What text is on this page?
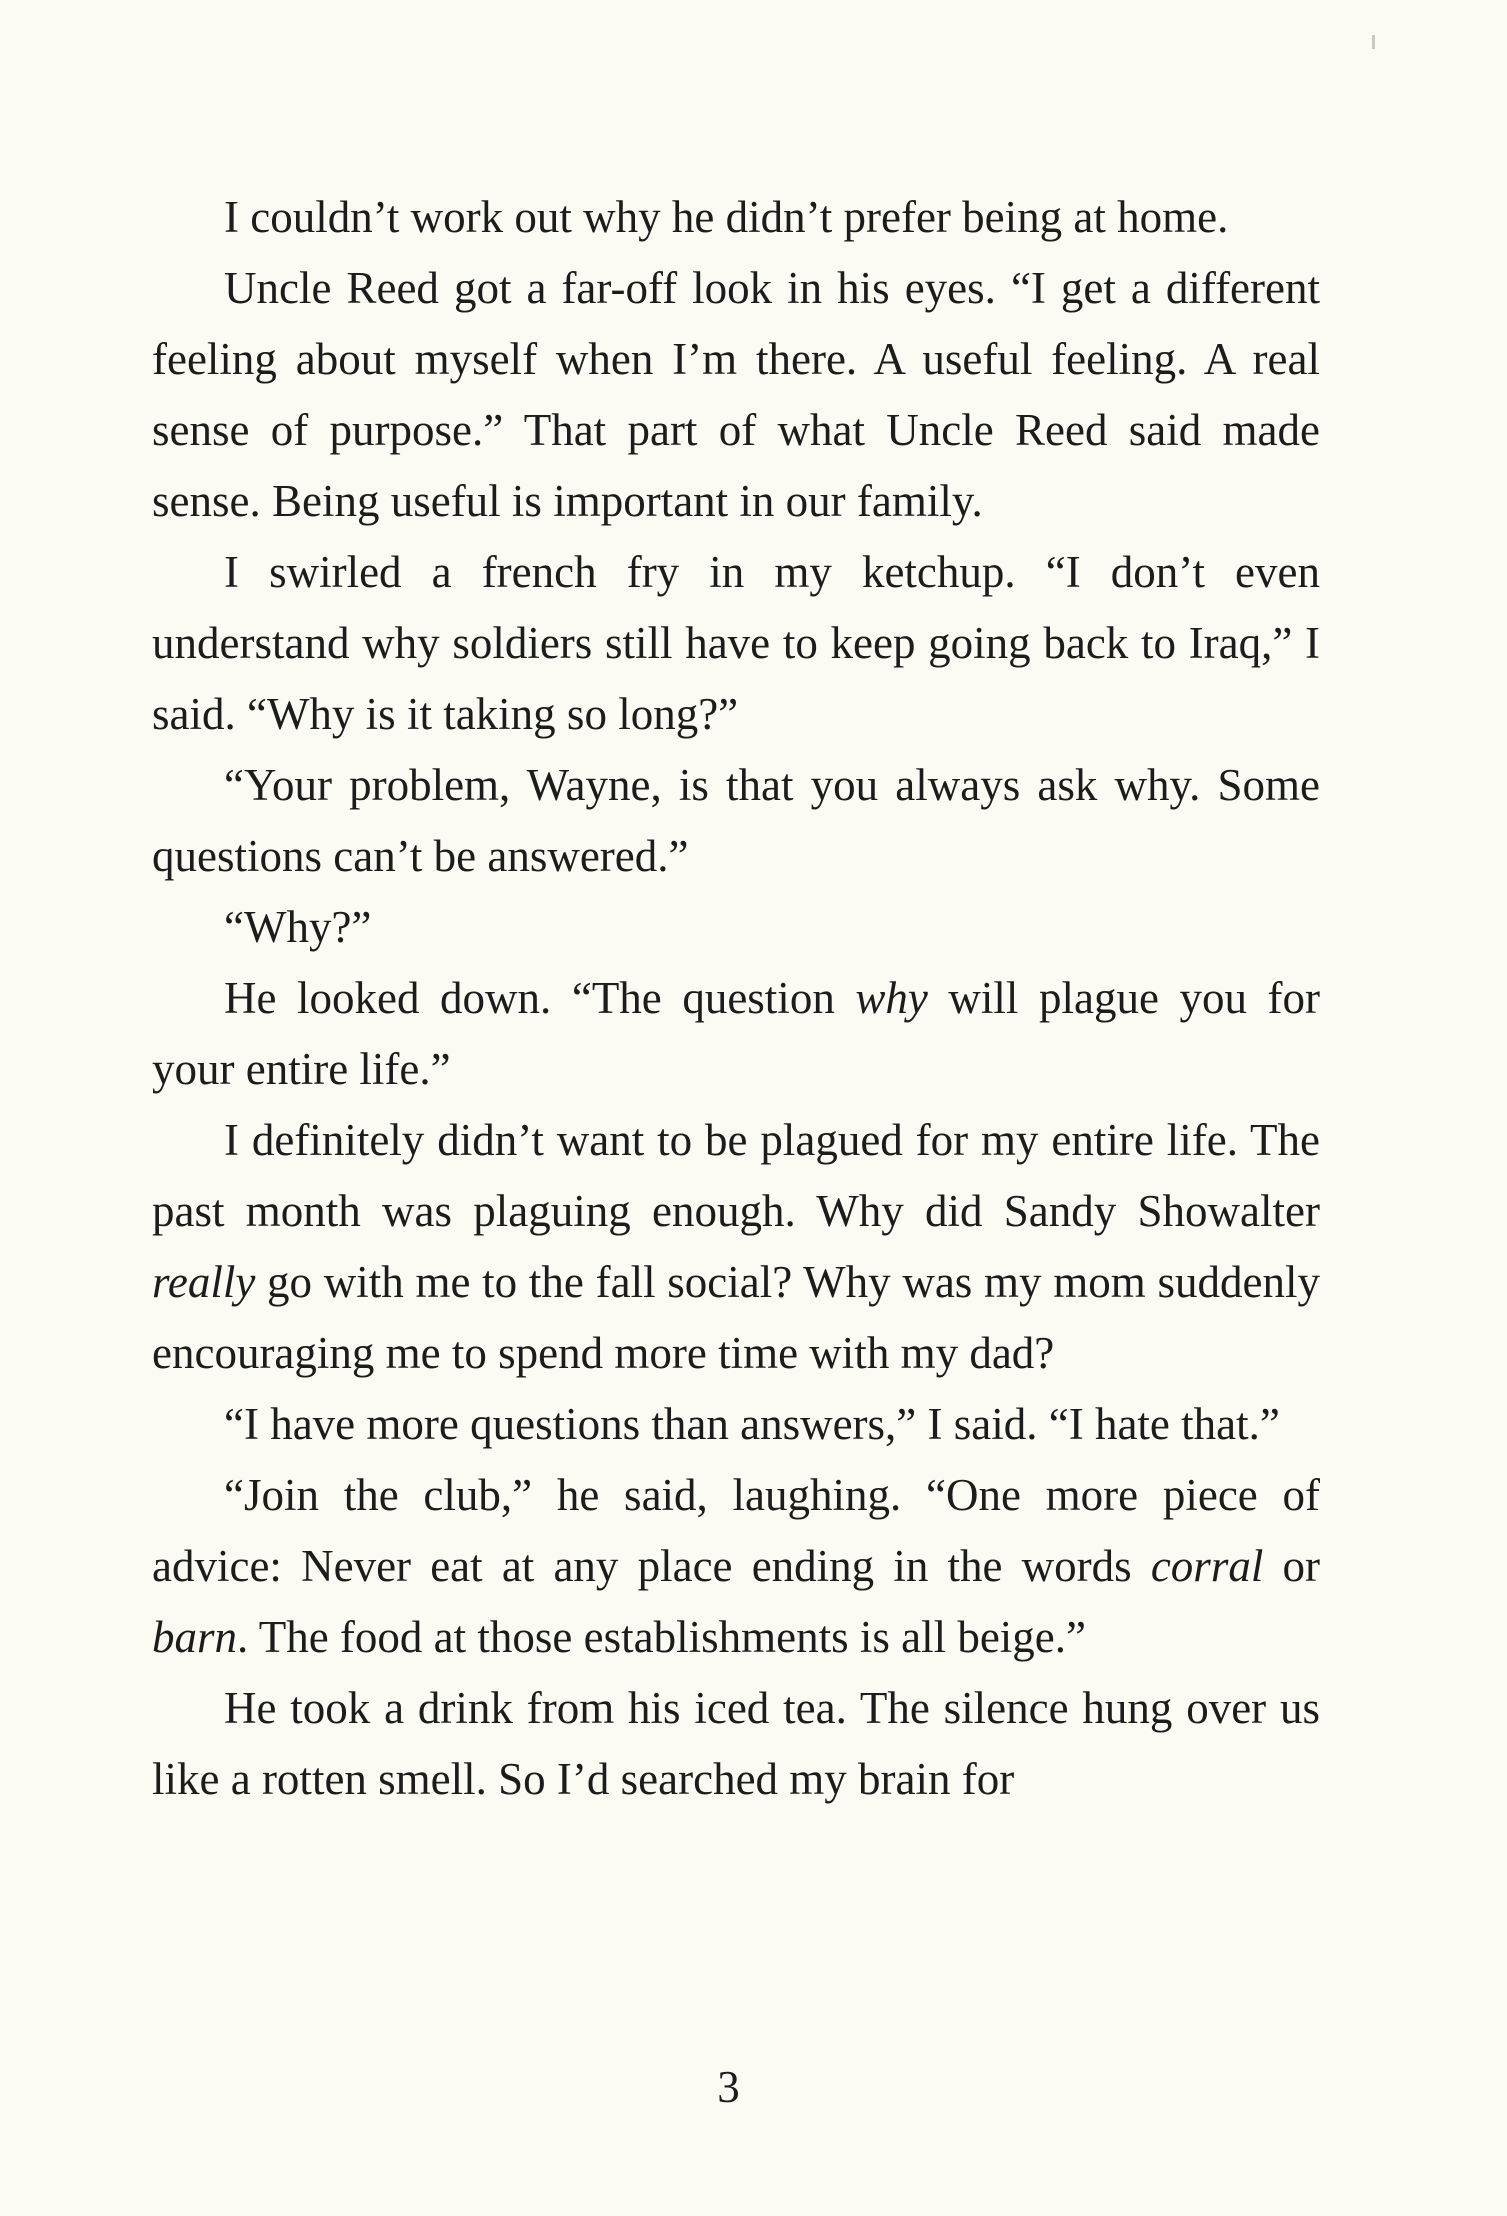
I couldn’t work out why he didn’t prefer being at home.

Uncle Reed got a far-off look in his eyes. “I get a different feeling about myself when I’m there. A useful feeling. A real sense of purpose.” That part of what Uncle Reed said made sense. Being useful is important in our family.

I swirled a french fry in my ketchup. “I don’t even understand why soldiers still have to keep going back to Iraq,” I said. “Why is it taking so long?”

“Your problem, Wayne, is that you always ask why. Some questions can’t be answered.”

“Why?”

He looked down. “The question why will plague you for your entire life.”

I definitely didn’t want to be plagued for my entire life. The past month was plaguing enough. Why did Sandy Showalter really go with me to the fall social? Why was my mom suddenly encouraging me to spend more time with my dad?

“I have more questions than answers,” I said. “I hate that.”

“Join the club,” he said, laughing. “One more piece of advice: Never eat at any place ending in the words corral or barn. The food at those establishments is all beige.”

He took a drink from his iced tea. The silence hung over us like a rotten smell. So I’d searched my brain for

3
